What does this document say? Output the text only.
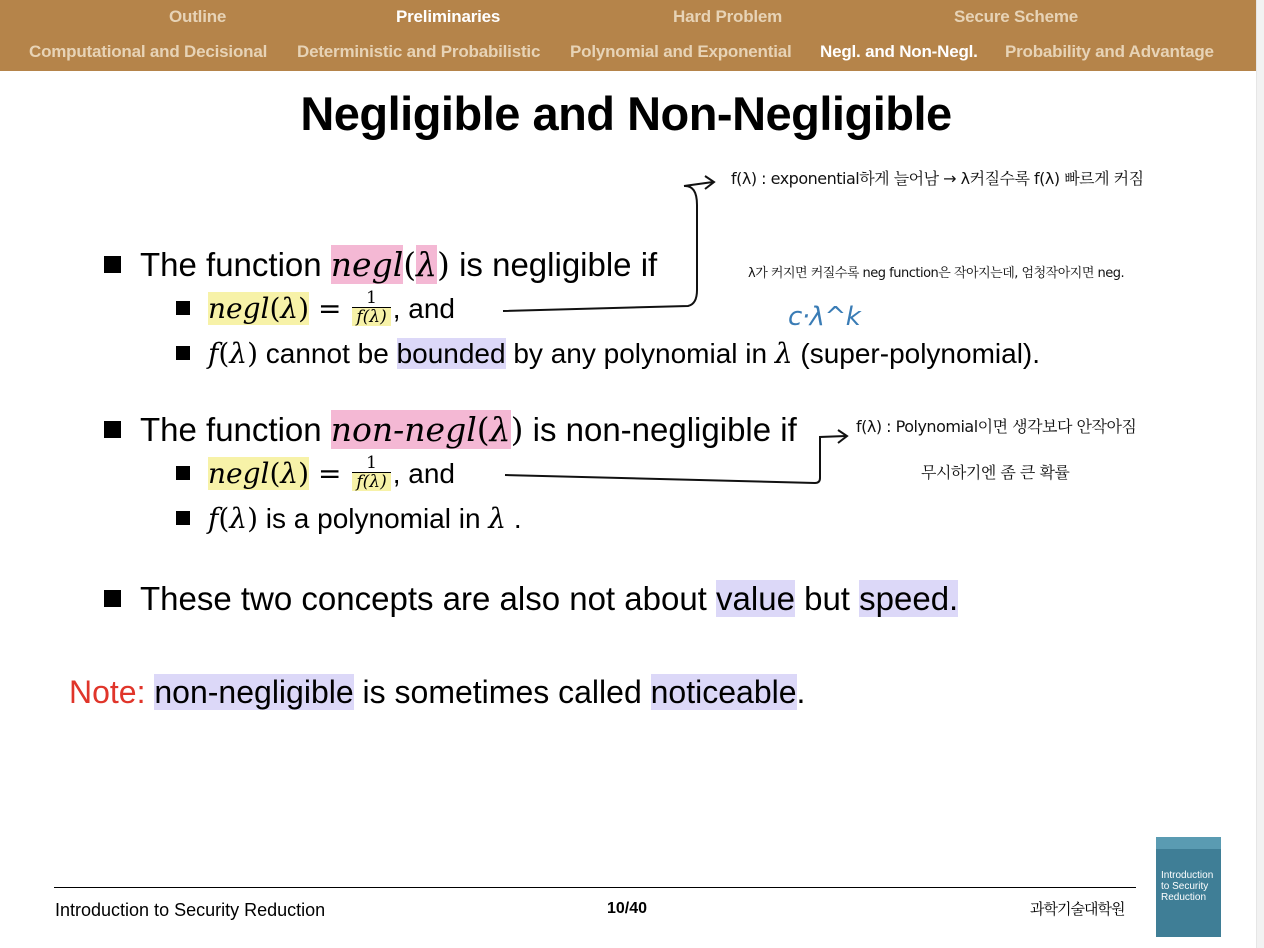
Outline	Preliminaries	Hard Problem	Secure Scheme
Computational and Decisional Deterministic and Probabilistic Polynomial and Exponential Negl. and Non-Negl. Probability and Advantage
Negligible and Non-Negligible
The function negl(λ) is negligible if
negl(λ) = $\frac{1}{f(\lambda)}$ , and
f(λ) cannot be bounded by any polynomial in λ (super-polynomial).
The function non-negl(λ) is non-negligible if
negl(λ) = $\frac{1}{f(\lambda)}$ , and
f(λ) is a polynomial in λ .
These two concepts are also not about value but speed.
Note: non-negligible is sometimes called noticeable.
f(λ) : exponential하게 늘어남 → λ커질수록 f(λ) 빠르게 커짐
λ가 커지면 커질수록 neg function은 작아지는데, 엄청작아지면 neg.
c·λ^k
f(λ) : Polynomial이면 생각보다 안작아짐
무시하기엔 좀 큰 확률
Introduction to Security Reduction	10/40	과학기술대학원
Introduction to Security Reduction
